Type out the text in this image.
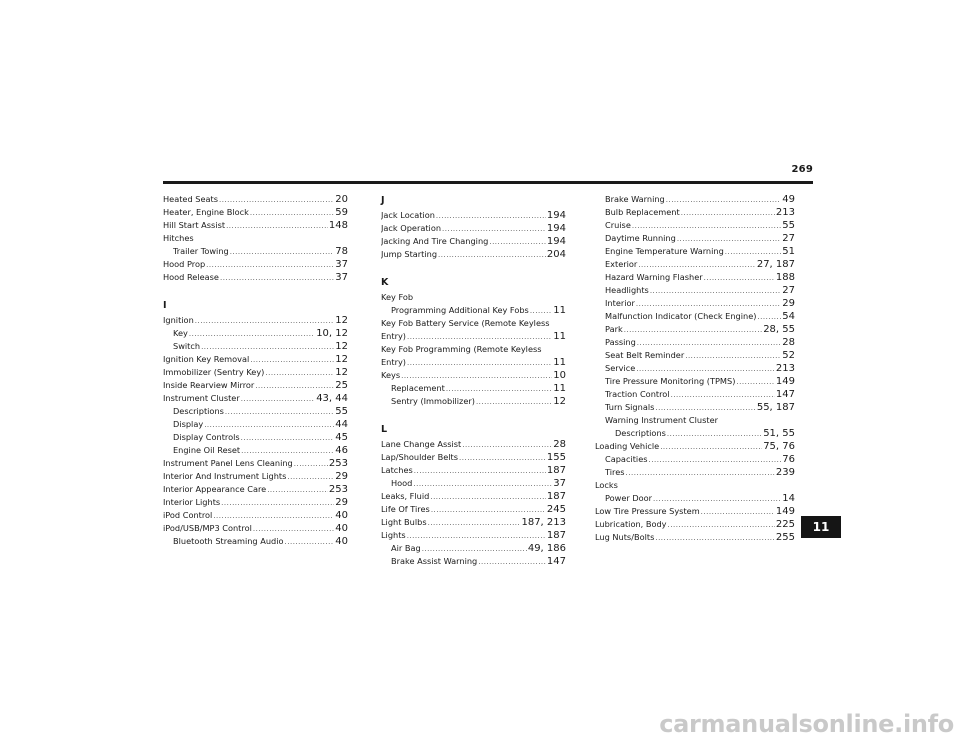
269
Heated Seats .....	20
Heater, Engine Block .....	59
Hill Start Assist .....	148
Hitches
Trailer Towing .....	78
Hood Prop .....	37
Hood Release .....	37
I
Ignition .....	12
Key .....	10, 12
Switch .....	12
Ignition Key Removal .....	12
Immobilizer (Sentry Key) .....	12
Inside Rearview Mirror .....	25
Instrument Cluster .....	43, 44
Descriptions .....	55
Display .....	44
Display Controls .....	45
Engine Oil Reset .....	46
Instrument Panel Lens Cleaning .....	253
Interior And Instrument Lights .....	29
Interior Appearance Care .....	253
Interior Lights .....	29
iPod Control .....	40
iPod/USB/MP3 Control .....	40
Bluetooth Streaming Audio .....	40
J
Jack Location .....	194
Jack Operation .....	194
Jacking And Tire Changing .....	194
Jump Starting .....	204
K
Key Fob
Programming Additional Key Fobs ..... 11
Key Fob Battery Service (Remote Keyless
Entry) .....	11
Key Fob Programming (Remote Keyless
Entry) .....	11
Keys .....	10
Replacement .....	11
Sentry (Immobilizer) .....	12
L
Lane Change Assist .....	28
Lap/Shoulder Belts .....	155
Latches .....	187
Hood .....	37
Leaks, Fluid .....	187
Life Of Tires .....	245
Light Bulbs .....	187, 213
Lights .....	187
Air Bag .....	49, 186
Brake Assist Warning .....	147
Brake Warning .....	49
Bulb Replacement .....	213
Cruise .....	55
Daytime Running .....	27
Engine Temperature Warning .....	51
Exterior .....	27, 187
Hazard Warning Flasher .....	188
Headlights .....	27
Interior .....	29
Malfunction Indicator (Check Engine) .....	54
Park .....	28, 55
Passing .....	28
Seat Belt Reminder .....	52
Service .....	213
Tire Pressure Monitoring (TPMS) .....	149
Traction Control .....	147
Turn Signals .....	55, 187
Warning Instrument Cluster
Descriptions .....	51, 55
Loading Vehicle .....	75, 76
Capacities .....	76
Tires .....	239
Locks
Power Door .....	14
Low Tire Pressure System .....	149
Lubrication, Body .....	225
Lug Nuts/Bolts .....	255
11
carmanualsonline.info
